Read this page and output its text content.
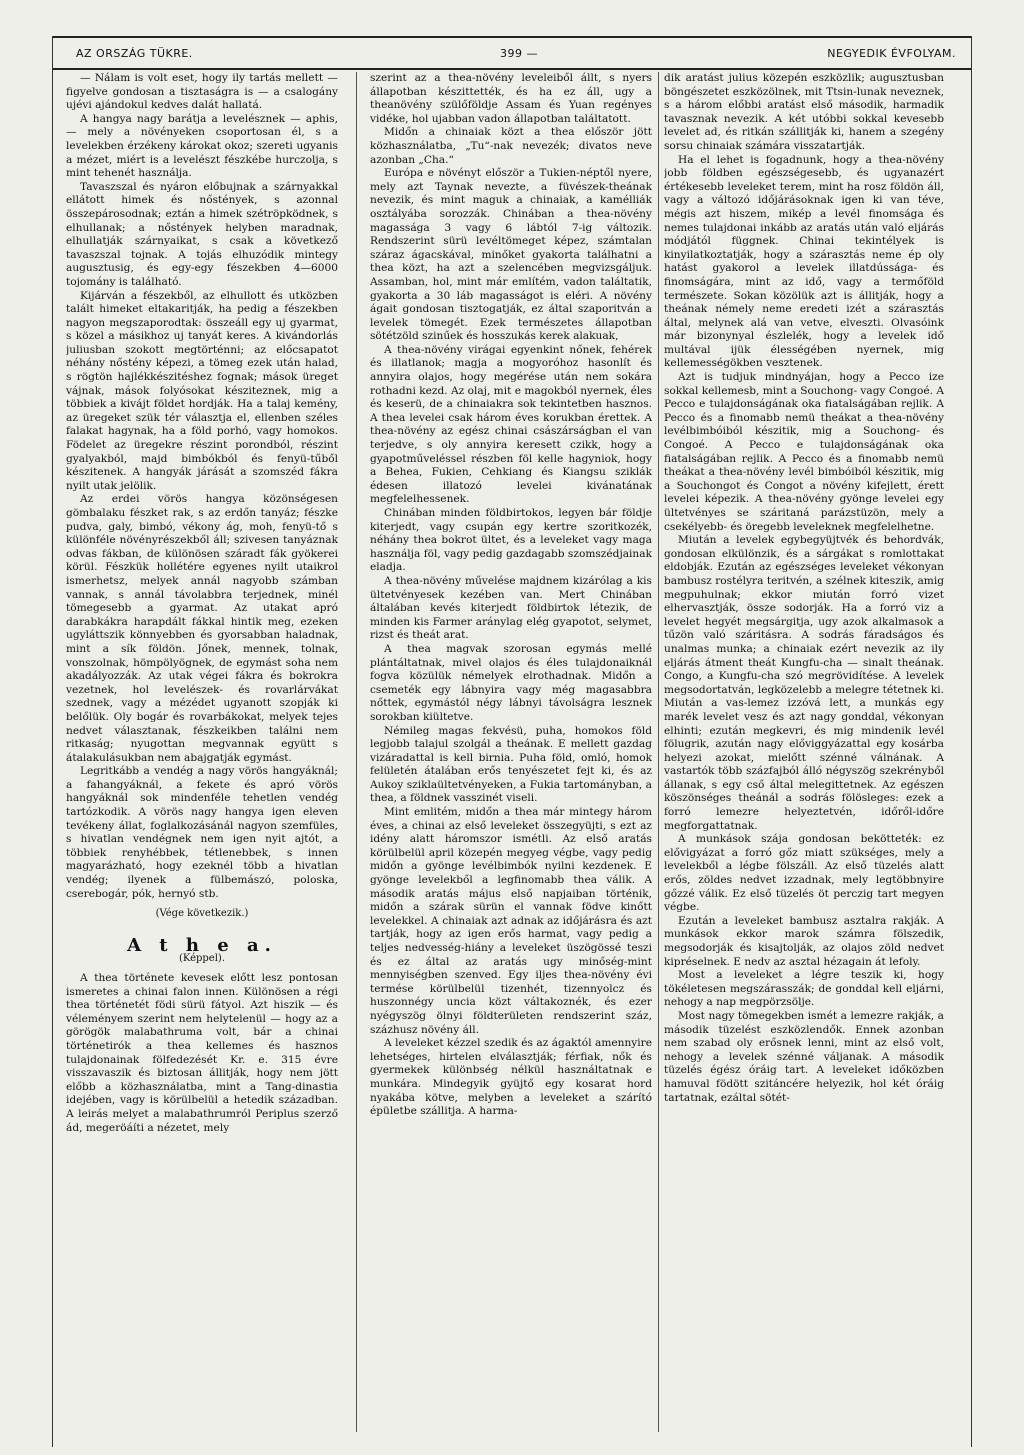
AZ ORSZÁG TÜKRE.	399 —	NEGYEDIK ÉVFOLYAM.

— Nálam is volt eset, hogy ily tartás mellett — figyelve gondosan a tisztaságra is — a csalogány ujévi ajándokul kedves dalát hallatá.

A hangya nagy barátja a levelésznek — aphis, — mely a növényeken csoportosan él, s a levelekben érzékeny károkat okoz; szereti ugyanis a mézet, miért is a levelészt fészkébe hurczolja, s mint tehenét használja.

Tavaszszal és nyáron előbujnak a szárnyakkal ellátott himek és nőstények, s azonnal összepárosodnak; eztán a himek szétröpködnek, s elhullanak; a nőstények helyben maradnak, elhullatják szárnyaikat, s csak a következő tavaszszal tojnak. A tojás elhuzódik mintegy augusztusig, és egy-egy fészekben 4—6000 tojomány is található.

Kijárván a fészekből, az elhullott és utközben talált himeket eltakaritják, ha pedig a fészekben nagyon megszaporodtak: összeáll egy uj gyarmat, s közel a másikhoz uj tanyát keres. A kivándorlás juliusban szokott megtörténni; az előcsapatot néhány nőstény képezi, a tömeg ezek után halad, s rögtön hajlékkészitéshez fognak; mások üreget vájnak, mások folyósokat késziteznek, mig a többiek a kivájt földet hordják. Ha a talaj kemény, az üregeket szük tér választja el, ellenben széles falakat hagynak, ha a föld porhó, vagy homokos. Födelet az üregekre részint porondból, részint gyalyakból, majd bimbókból és fenyü-tűből készitenek. A hangyák járását a szomszéd fákra nyilt utak jelölik.

Az erdei vörös hangya közönségesen gömbalaku fészket rak, s az erdőn tanyáz; fészke pudva, galy, bimbó, vékony ág, moh, fenyü-tő s különféle növényrészekből áll; szivesen tanyáznak odvas fákban, de különösen száradt fák gyökerei körül. Fészkük hollétére egyenes nyilt utaikrol ismerhetsz, melyek annál nagyobb számban vannak, s annál távolabbra terjednek, minél tömegesebb a gyarmat. Az utakat apró darabkákra harapdált fákkal hintik meg, ezeken ugyláttszik könnyebben és gyorsabban haladnak, mint a sík földön. Jőnek, mennek, tolnak, vonszolnak, hömpölyögnek, de egymást soha nem akadályozzák. Az utak végei fákra és bokrokra vezetnek, hol levelészek- és rovarlárvákat szednek, vagy a mézédet ugyanott szopják ki belőlük. Oly bogár és rovarbákokat, melyek tejes nedvet választanak, fészkeikben találni nem ritkaság; nyugottan megvannak együtt s átalakulásukban nem abajgatják egymást.

Legritkább a vendég a nagy vörös hangyáknál; a fahangyáknál, a fekete és apró vörös hangyáknál sok mindenféle tehetlen vendég tartózkodik. A vörös nagy hangya igen eleven tevékeny állat, foglalkozásánál nagyon szemfüles, s hivatlan vendégnek nem igen nyit ajtót, a többiek renyhébbek, tétlenebbek, s innen magyarázható, hogy ezeknél több a hivatlan vendég; ilyenek a fülbemászó, poloska, cserebogár, pók, hernyó stb.

(Vége következik.)

A t h e a.

(Képpel).

A thea története kevesek előtt lesz pontosan ismeretes a chinai falon innen. Különösen a régi thea történetét födi sürü fátyol. Azt hiszik — és véleményem szerint nem helytelenül — hogy az a görögök malabathruma volt, bár a chinai történetirók a thea kellemes és hasznos tulajdonainak fölfedezését Kr. e. 315 évre visszavaszik és biztosan állitják, hogy nem jött előbb a közhasználatba, mint a Tang-dinastia idejében, vagy is körülbelül a hetedik században. A leirás melyet a malabathrumról Periplus szerző ád, megeröáíti a nézetet, mely

szerint az a thea-növény leveleiből állt, s nyers állapotban készittették, és ha ez áll, ugy a theanövény szülőföldje Assam és Yuan regényes vidéke, hol ujabban vadon állapotban találtatott.

Midőn a chinaiak közt a thea először jött közhasználatba, „Tu“-nak nevezék; divatos neve azonban „Cha.“

Európa e növényt először a Tukien-néptől nyere, mely azt Taynak nevezte, a füvészek-theának nevezik, és mint maguk a chinaiak, a kamélliák osztályába sorozzák. Chinában a thea-növény magassága 3 vagy 6 lábtól 7-ig változik. Rendszerint sürü levéltömeget képez, számtalan száraz ágacskával, minőket gyakorta találhatni a thea közt, ha azt a szelencében megvizsgáljuk. Assamban, hol, mint már említém, vadon találtatik, gyakorta a 30 láb magasságot is eléri. A növény ágait gondosan tisztogatják, ez által szaporitván a levelek tömegét. Ezek természetes állapotban sötétzöld szinűek és hosszukás kerek alakuak,

A thea-növény virágai egyenkint nőnek, fehérek és illatlanok; magja a mogyoróhoz hasonlít és annyira olajos, hogy megérése után nem sokára rothadni kezd. Az olaj, mit e magokból nyernek, éles és keserü, de a chinaiakra sok tekintetben hasznos. A thea levelei csak három éves korukban érettek. A thea-növény az egész chinai császárságban el van terjedve, s oly annyira keresett czikk, hogy a gyapotműveléssel részben föl kelle hagyniok, hogy a Behea, Fukien, Cehkiang és Kiangsu sziklák édesen illatozó levelei kivánatának megfelelhessenek.

Chinában minden földbirtokos, legyen bár földje kiterjedt, vagy csupán egy kertre szoritkozék, néhány thea bokrot ültet, és a leveleket vagy maga használja föl, vagy pedig gazdagabb szomszédjainak eladja.

A thea-növény művelése majdnem kizárólag a kis ültetvényesek kezében van. Mert Chinában általában kevés kiterjedt földbirtok létezik, de minden kis Farmer aránylag elég gyapotot, selymet, rizst és theát arat.

A thea magvak szorosan egymás mellé plántáltatnak, mivel olajos és éles tulajdonaiknál fogva közülük némelyek elrothadnak. Midőn a csemeték egy lábnyira vagy még magasabbra nőttek, egymástól négy lábnyi távolságra lesznek sorokban kiültetve.

Némileg magas fekvésü, puha, homokos föld legjobb talajul szolgál a theának. E mellett gazdag vizáradattal is kell birnia. Puha föld, omló, homok felületén átalában erős tenyészetet fejt ki, és az Aukoy sziklaültetvényeken, a Fukia tartományban, a thea, a földnek vasszinét viseli.

Mint emlitém, midőn a thea már mintegy három éves, a chinai az első leveleket összegyüjti, s ezt az idény alatt háromszor ismétli. Az első aratás körülbelül april közepén megyeg végbe, vagy pedig midőn a gyönge levélbimbók nyilni kezdenek. E gyönge levelekből a legfinomabb thea válik. A második aratás május első napjaiban történik, midőn a szárak sürün el vannak födve kinőtt levelekkel. A chinaiak azt adnak az időjárásra és azt tartják, hogy az igen erős harmat, vagy pedig a teljes nedvesség-hiány a leveleket üszögössé teszi és ez által az aratás ugy minőség-mint mennyiségben szenved. Egy iljes thea-növény évi termése körülbelül tizenhét, tizennyolcz és huszonnégy uncia közt váltakoznék, és ezer nyégyszög ölnyi földterületen rendszerint száz, százhusz növény áll.

A leveleket kézzel szedik és az ágaktól amennyire lehetséges, hirtelen elválasztják; férfiak, nők és gyermekek különbség nélkül használtatnak e munkára. Mindegyik gyüjtő egy kosarat hord nyakába kötve, melyben a leveleket a szárító épületbe szállitja. A harma-

dik aratást julius közepén eszközlik; augusztusban böngészetet eszközölnek, mit Ttsin-lunak neveznek, s a három előbbi aratást első második, harmadik tavasznak nevezik. A két utóbbi sokkal kevesebb levelet ad, és ritkán szállitják ki, hanem a szegény sorsu chinaiak számára visszatartják.

Ha el lehet is fogadnunk, hogy a thea-növény jobb földben egészségesebb, és ugyanazért értékesebb leveleket terem, mint ha rosz földön áll, vagy a változó időjárásoknak igen ki van téve, mégis azt hiszem, mikép a levél finomsága és nemes tulajdonai inkább az aratás után való eljárás módjától függnek. Chinai tekintélyek is kinyilatkoztatják, hogy a szárasztás neme ép oly hatást gyakorol a levelek illatdússága- és finomságára, mint az idő, vagy a termőföld természete. Sokan közölük azt is állitják, hogy a theának némely neme eredeti izét a szárasztás által, melynek alá van vetve, elveszti. Olvasóink már bizonynyal észlelék, hogy a levelek idő multával ijük élességében nyernek, mig kellemességökben vesztenek.

Azt is tudjuk mindnyájan, hogy a Pecco ize sokkal kellemesb, mint a Souchong- vagy Congoé. A Pecco e tulajdonságának oka fiatalságában rejlik. A Pecco és a finomabb nemü theákat a thea-növény levélbimbóiból készitik, mig a Souchong- és Congoé. A Pecco e tulajdonságának oka fiatalságában rejlik. A Pecco és a finomabb nemü theákat a thea-növény levél bimbóiból készitik, mig a Souchongot és Congot a növény kifejlett, érett levelei képezik. A thea-növény gyönge levelei egy ültetvényes se száritaná parázstüzön, mely a csekélyebb- és öregebb leveleknek megfelelhetne.

Miután a levelek egybegyüjtvék és behordvák, gondosan elkülönzik, és a sárgákat s romlottakat eldobják. Ezután az egészséges leveleket vékonyan bambusz rostélyra teritvén, a szélnek kiteszik, amig megpuhulnak; ekkor miután forró vizet elhervasztják, össze sodorják. Ha a forró viz a levelet hegyét megsárgitja, ugy azok alkalmasok a tűzön való száritásra. A sodrás fáradságos és unalmas munka; a chinaiak ezért nevezik az ily eljárás átment theát Kungfu-cha — sinalt theának. Congo, a Kungfu-cha szó megrövidítése. A levelek megsodortatván, legközelebb a melegre tétetnek ki. Miután a vas-lemez izzóvá lett, a munkás egy marék levelet vesz és azt nagy gonddal, vékonyan elhinti; ezután megkevri, és mig mindenik levél fölugrik, azután nagy előviggyázattal egy kosárba helyezi azokat, mielőtt szénné válnának. A vastartók több százfajból álló négyszög szekrényből állanak, s egy cső által melegittetnek. Az egészen köszönséges theánál a sodrás fölösleges: ezek a forró lemezre helyeztetvén, időről-időre megforgattatnak.

A munkások szája gondosan bekötteték: ez elővigyázat a forró gőz miatt szükséges, mely a levelekből a légbe fölszáll. Az első tüzelés alatt erős, zöldes nedvet izzadnak, mely legtöbbnyire gőzzé válik. Ez első tüzelés öt perczig tart megyen végbe.

Ezután a leveleket bambusz asztalra rakják. A munkások ekkor marok számra fölszedik, megsodorják és kisajtolják, az olajos zöld nedvet kipréselnek. E nedv az asztal hézagain át lefoly.

Most a leveleket a légre teszik ki, hogy tökéletesen megszárasszák; de gonddal kell eljárni, nehogy a nap megpörzsölje.

Most nagy tömegekben ismét a lemezre rakják, a második tüzelést eszközlendők. Ennek azonban nem szabad oly erősnek lenni, mint az első volt, nehogy a levelek szénné váljanak. A második tüzelés égész óráig tart. A leveleket időközben hamuval födött szitáncére helyezik, hol két óráig tartatnak, ezáltal sötét-
